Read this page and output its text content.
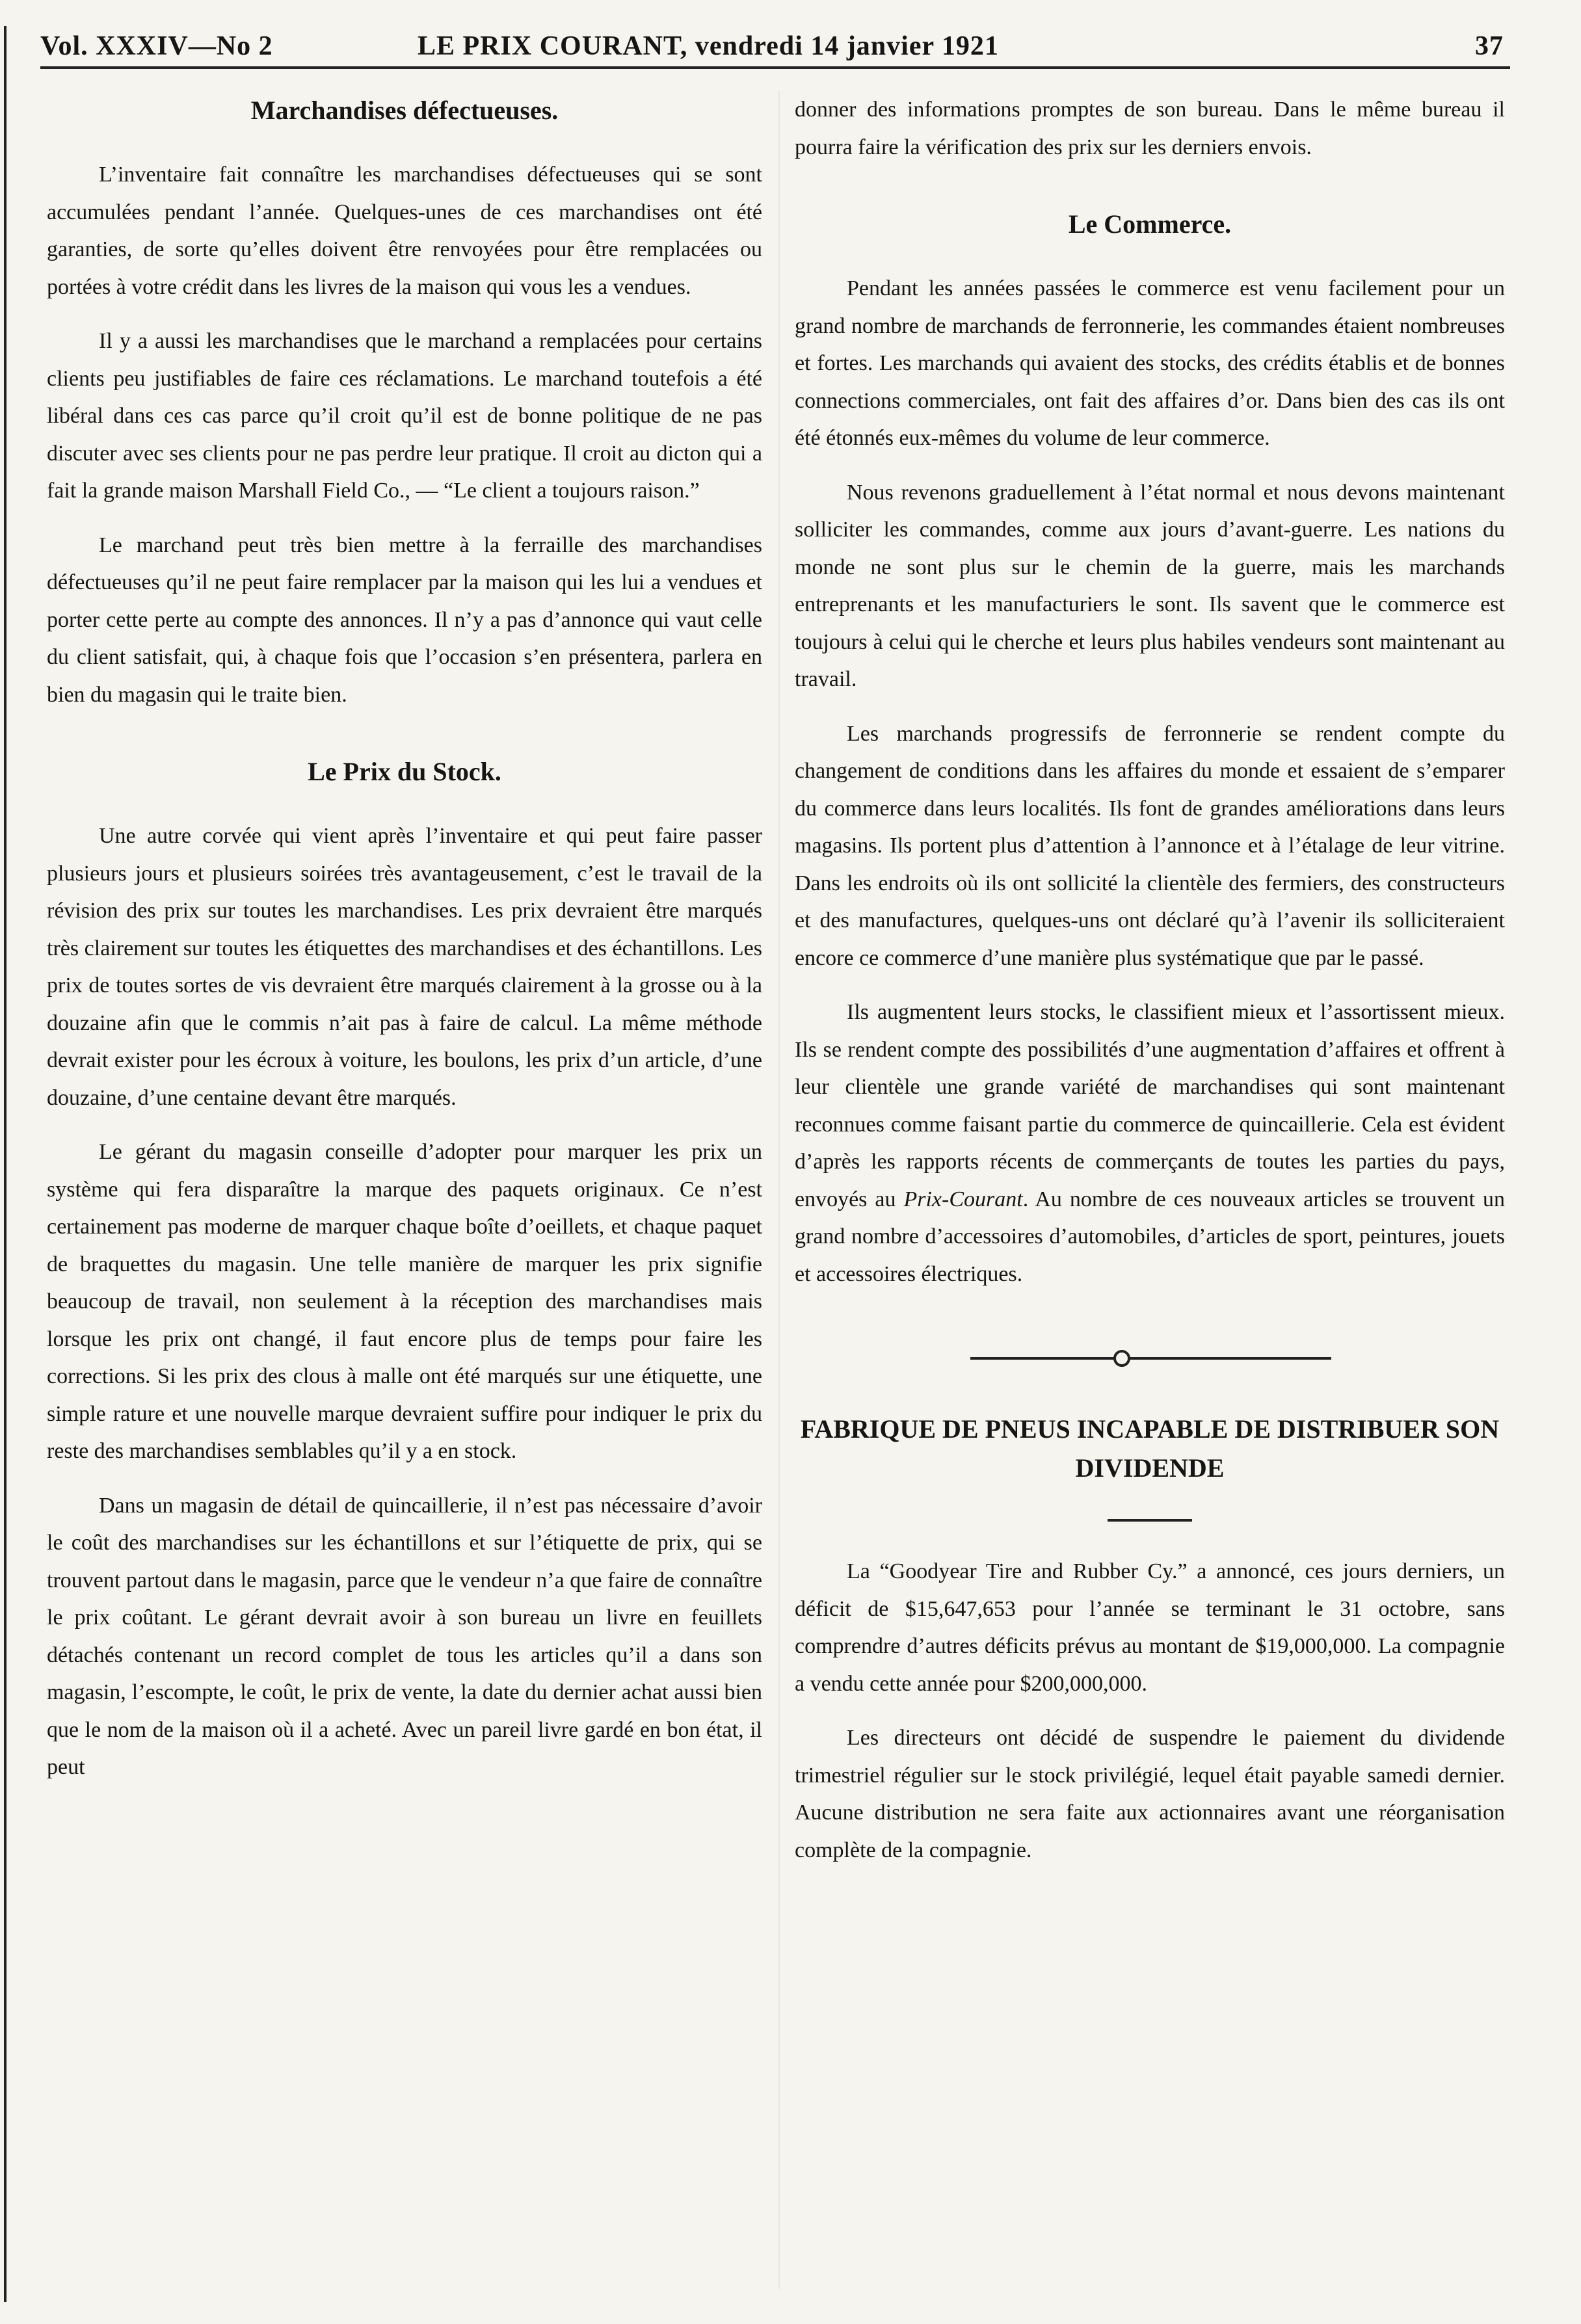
Vol. XXXIV—No 2	LE PRIX COURANT, vendredi 14 janvier 1921	37
Marchandises défectueuses.

L’inventaire fait connaître les marchandises défectueuses qui se sont accumulées pendant l’année. Quelques-unes de ces marchandises ont été garanties, de sorte qu’elles doivent être renvoyées pour être remplacées ou portées à votre crédit dans les livres de la maison qui vous les a vendues.

Il y a aussi les marchandises que le marchand a remplacées pour certains clients peu justifiables de faire ces réclamations. Le marchand toutefois a été libéral dans ces cas parce qu’il croit qu’il est de bonne politique de ne pas discuter avec ses clients pour ne pas perdre leur pratique. Il croit au dicton qui a fait la grande maison Marshall Field Co., — “Le client a toujours raison.”

Le marchand peut très bien mettre à la ferraille des marchandises défectueuses qu’il ne peut faire remplacer par la maison qui les lui a vendues et porter cette perte au compte des annonces. Il n’y a pas d’annonce qui vaut celle du client satisfait, qui, à chaque fois que l’occasion s’en présentera, parlera en bien du magasin qui le traite bien.

Le Prix du Stock.

Une autre corvée qui vient après l’inventaire et qui peut faire passer plusieurs jours et plusieurs soirées très avantageusement, c’est le travail de la révision des prix sur toutes les marchandises. Les prix devraient être marqués très clairement sur toutes les étiquettes des marchandises et des échantillons. Les prix de toutes sortes de vis devraient être marqués clairement à la grosse ou à la douzaine afin que le commis n’ait pas à faire de calcul. La même méthode devrait exister pour les écroux à voiture, les boulons, les prix d’un article, d’une douzaine, d’une centaine devant être marqués.

Le gérant du magasin conseille d’adopter pour marquer les prix un système qui fera disparaître la marque des paquets originaux. Ce n’est certainement pas moderne de marquer chaque boîte d’oeillets, et chaque paquet de braquettes du magasin. Une telle manière de marquer les prix signifie beaucoup de travail, non seulement à la réception des marchandises mais lorsque les prix ont changé, il faut encore plus de temps pour faire les corrections. Si les prix des clous à malle ont été marqués sur une étiquette, une simple rature et une nouvelle marque devraient suffire pour indiquer le prix du reste des marchandises semblables qu’il y a en stock.

Dans un magasin de détail de quincaillerie, il n’est pas nécessaire d’avoir le coût des marchandises sur les échantillons et sur l’étiquette de prix, qui se trouvent partout dans le magasin, parce que le vendeur n’a que faire de connaître le prix coûtant. Le gérant devrait avoir à son bureau un livre en feuillets détachés contenant un record complet de tous les articles qu’il a dans son magasin, l’escompte, le coût, le prix de vente, la date du dernier achat aussi bien que le nom de la maison où il a acheté. Avec un pareil livre gardé en bon état, il peut

donner des informations promptes de son bureau. Dans le même bureau il pourra faire la vérification des prix sur les derniers envois.

Le Commerce.

Pendant les années passées le commerce est venu facilement pour un grand nombre de marchands de ferronnerie, les commandes étaient nombreuses et fortes. Les marchands qui avaient des stocks, des crédits établis et de bonnes connections commerciales, ont fait des affaires d’or. Dans bien des cas ils ont été étonnés eux-mêmes du volume de leur commerce.

Nous revenons graduellement à l’état normal et nous devons maintenant solliciter les commandes, comme aux jours d’avant-guerre. Les nations du monde ne sont plus sur le chemin de la guerre, mais les marchands entreprenants et les manufacturiers le sont. Ils savent que le commerce est toujours à celui qui le cherche et leurs plus habiles vendeurs sont maintenant au travail.

Les marchands progressifs de ferronnerie se rendent compte du changement de conditions dans les affaires du monde et essaient de s’emparer du commerce dans leurs localités. Ils font de grandes améliorations dans leurs magasins. Ils portent plus d’attention à l’annonce et à l’étalage de leur vitrine. Dans les endroits où ils ont sollicité la clientèle des fermiers, des constructeurs et des manufactures, quelques-uns ont déclaré qu’à l’avenir ils solliciteraient encore ce commerce d’une manière plus systématique que par le passé.

Ils augmentent leurs stocks, le classifient mieux et l’assortissent mieux. Ils se rendent compte des possibilités d’une augmentation d’affaires et offrent à leur clientèle une grande variété de marchandises qui sont maintenant reconnues comme faisant partie du commerce de quincaillerie. Cela est évident d’après les rapports récents de commerçants de toutes les parties du pays, envoyés au Prix-Courant. Au nombre de ces nouveaux articles se trouvent un grand nombre d’accessoires d’automobiles, d’articles de sport, peintures, jouets et accessoires électriques.

FABRIQUE DE PNEUS INCAPABLE DE DISTRIBUER SON DIVIDENDE

La “Goodyear Tire and Rubber Cy.” a annoncé, ces jours derniers, un déficit de $15,647,653 pour l’année se terminant le 31 octobre, sans comprendre d’autres déficits prévus au montant de $19,000,000. La compagnie a vendu cette année pour $200,000,000.

Les directeurs ont décidé de suspendre le paiement du dividende trimestriel régulier sur le stock privilégié, lequel était payable samedi dernier. Aucune distribution ne sera faite aux actionnaires avant une réorganisation complète de la compagnie.
